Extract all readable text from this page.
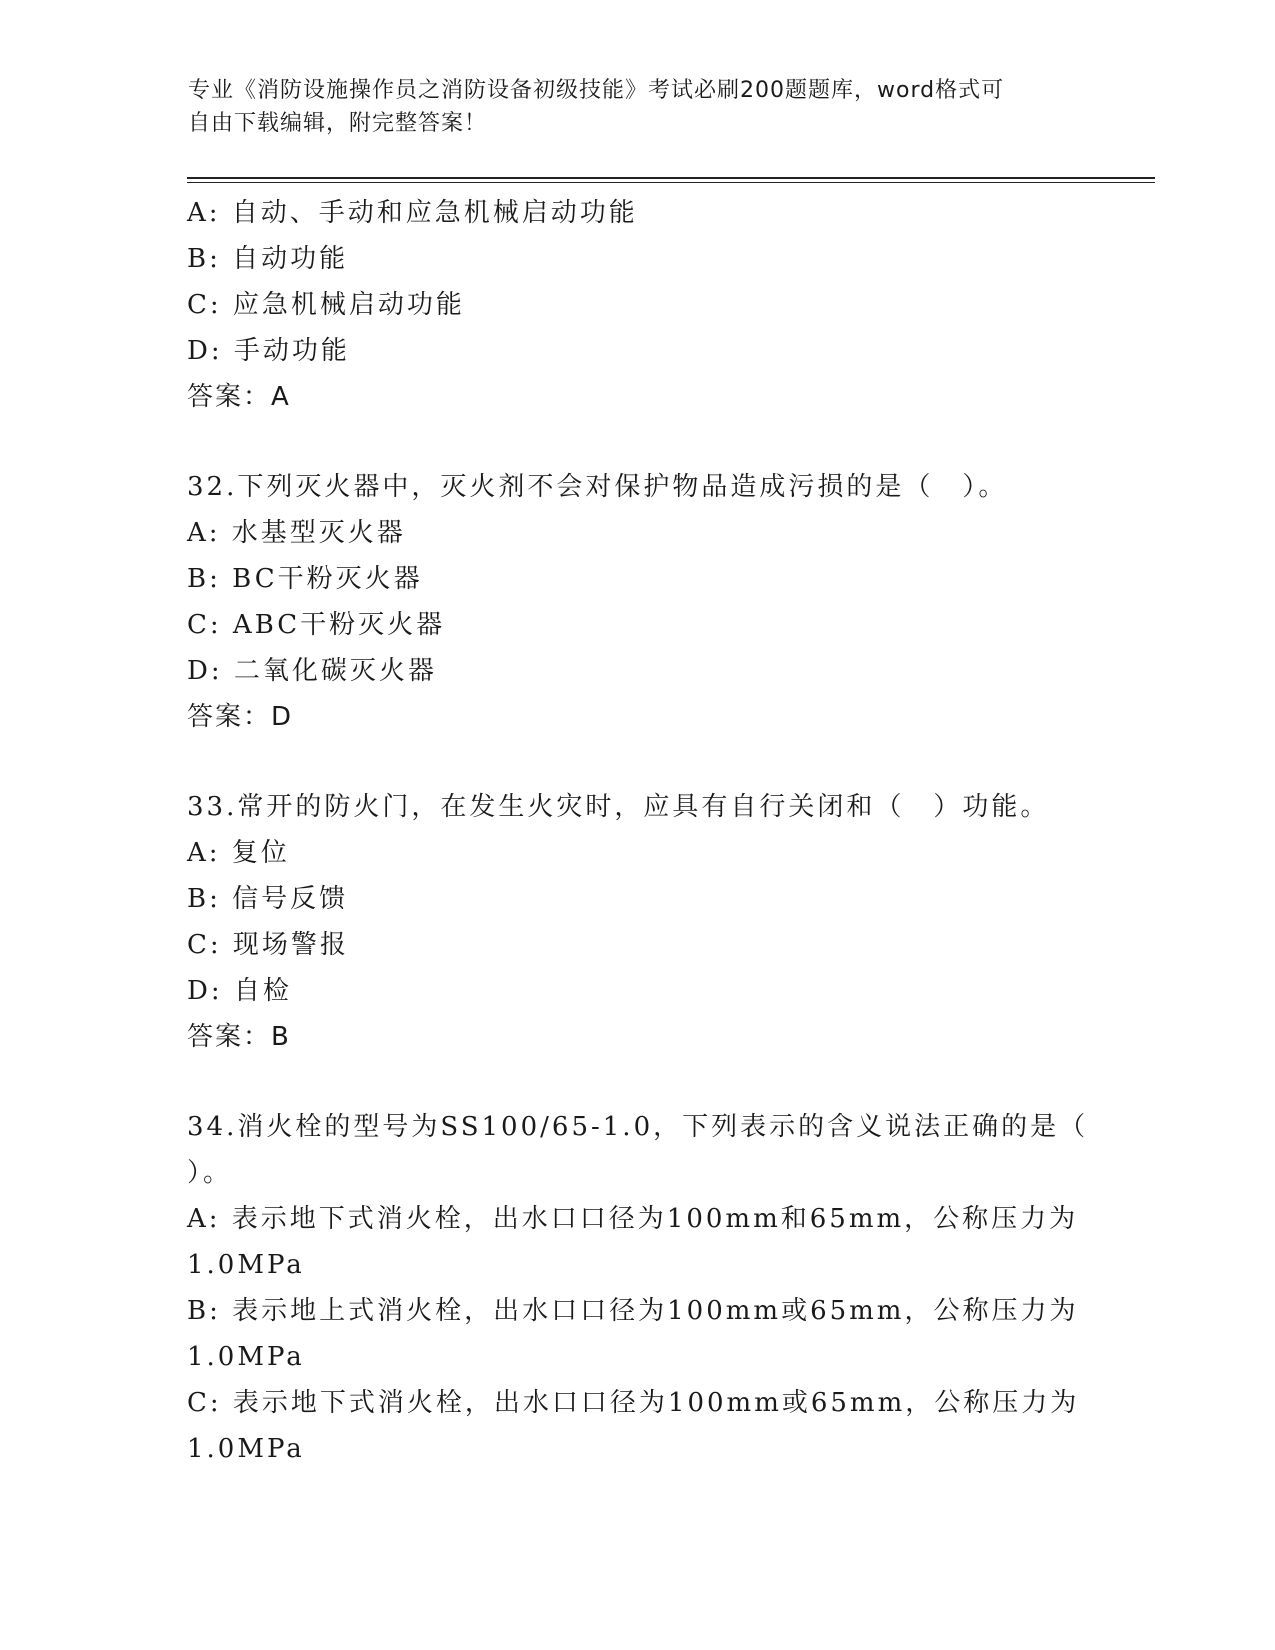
专业《消防设施操作员之消防设备初级技能》考试必刷200题题库，word格式可
自由下载编辑，附完整答案！
A: 自动、手动和应急机械启动功能
B: 自动功能
C: 应急机械启动功能
D: 手动功能
答案：A
32.下列灭火器中，灭火剂不会对保护物品造成污损的是（　）。
A: 水基型灭火器
B: BC干粉灭火器
C: ABC干粉灭火器
D: 二氧化碳灭火器
答案：D
33.常开的防火门，在发生火灾时，应具有自行关闭和（　）功能。
A: 复位
B: 信号反馈
C: 现场警报
D: 自检
答案：B
34.消火栓的型号为SS100/65-1.0，下列表示的含义说法正确的是（
）。
A: 表示地下式消火栓，出水口口径为100mm和65mm，公称压力为
1.0MPa
B: 表示地上式消火栓，出水口口径为100mm或65mm，公称压力为
1.0MPa
C: 表示地下式消火栓，出水口口径为100mm或65mm，公称压力为
1.0MPa
